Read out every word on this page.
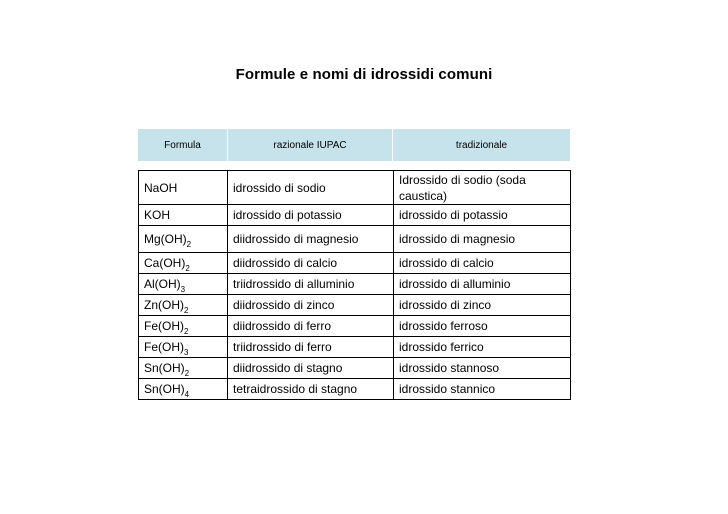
Formule e nomi di idrossidi comuni
Formula	razionale IUPAC	tradizionale
NaOH	idrossido di sodio	Idrossido di sodio (soda caustica)
KOH	idrossido di potassio	idrossido di potassio
$Mg(OH)_2$	diidrossido di magnesio	idrossido di magnesio
$Ca(OH)_2$	diidrossido di calcio	idrossido di calcio
$Al(OH)_3$	triidrossido di alluminio	idrossido di alluminio
$Zn(OH)_2$	diidrossido di zinco	idrossido di zinco
$Fe(OH)_2$	diidrossido di ferro	idrossido ferroso
$Fe(OH)_3$	triidrossido di ferro	idrossido ferrico
$Sn(OH)_2$	diidrossido di stagno	idrossido stannoso
$Sn(OH)_4$	tetraidrossido di stagno	idrossido stannico
